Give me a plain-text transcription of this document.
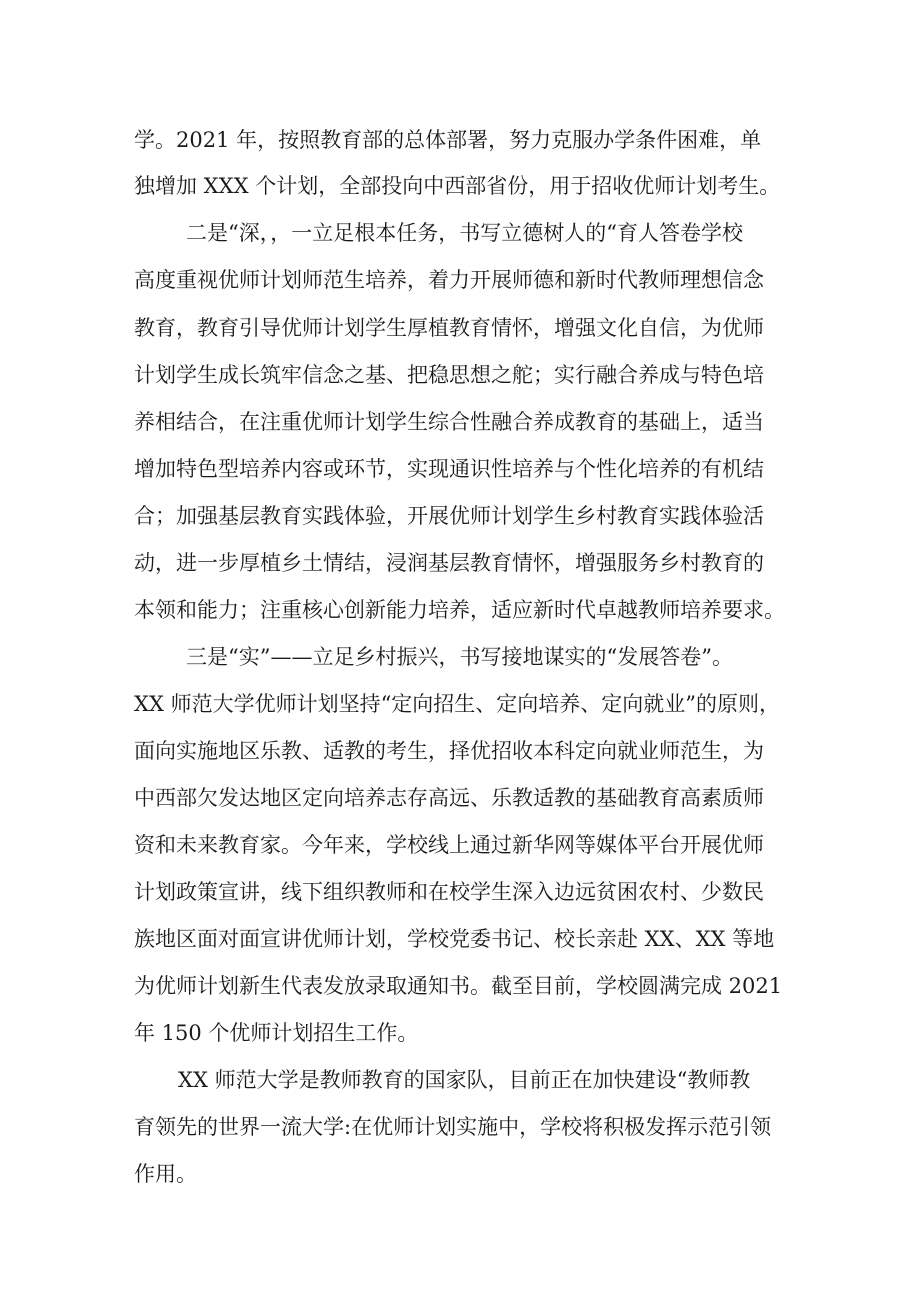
学。2021 年，按照教育部的总体部署，努力克服办学条件困难，单

独增加 XXX 个计划，全部投向中西部省份，用于招收优师计划考生。

二是“深，，一立足根本任务，书写立德树人的“育人答卷学校

高度重视优师计划师范生培养，着力开展师德和新时代教师理想信念

教育，教育引导优师计划学生厚植教育情怀，增强文化自信，为优师

计划学生成长筑牢信念之基、把稳思想之舵；实行融合养成与特色培

养相结合，在注重优师计划学生综合性融合养成教育的基础上，适当

增加特色型培养内容或环节，实现通识性培养与个性化培养的有机结

合；加强基层教育实践体验，开展优师计划学生乡村教育实践体验活

动，进一步厚植乡土情结，浸润基层教育情怀，增强服务乡村教育的

本领和能力；注重核心创新能力培养，适应新时代卓越教师培养要求。

三是“实”——立足乡村振兴，书写接地谋实的“发展答卷”。

XX 师范大学优师计划坚持“定向招生、定向培养、定向就业”的原则，

面向实施地区乐教、适教的考生，择优招收本科定向就业师范生，为

中西部欠发达地区定向培养志存高远、乐教适教的基础教育高素质师

资和未来教育家。今年来，学校线上通过新华网等媒体平台开展优师

计划政策宣讲，线下组织教师和在校学生深入边远贫困农村、少数民

族地区面对面宣讲优师计划，学校党委书记、校长亲赴 XX、XX 等地

为优师计划新生代表发放录取通知书。截至目前，学校圆满完成 2021

年 150 个优师计划招生工作。

XX 师范大学是教师教育的国家队，目前正在加快建设“教师教

育领先的世界一流大学:在优师计划实施中，学校将积极发挥示范引领

作用。
